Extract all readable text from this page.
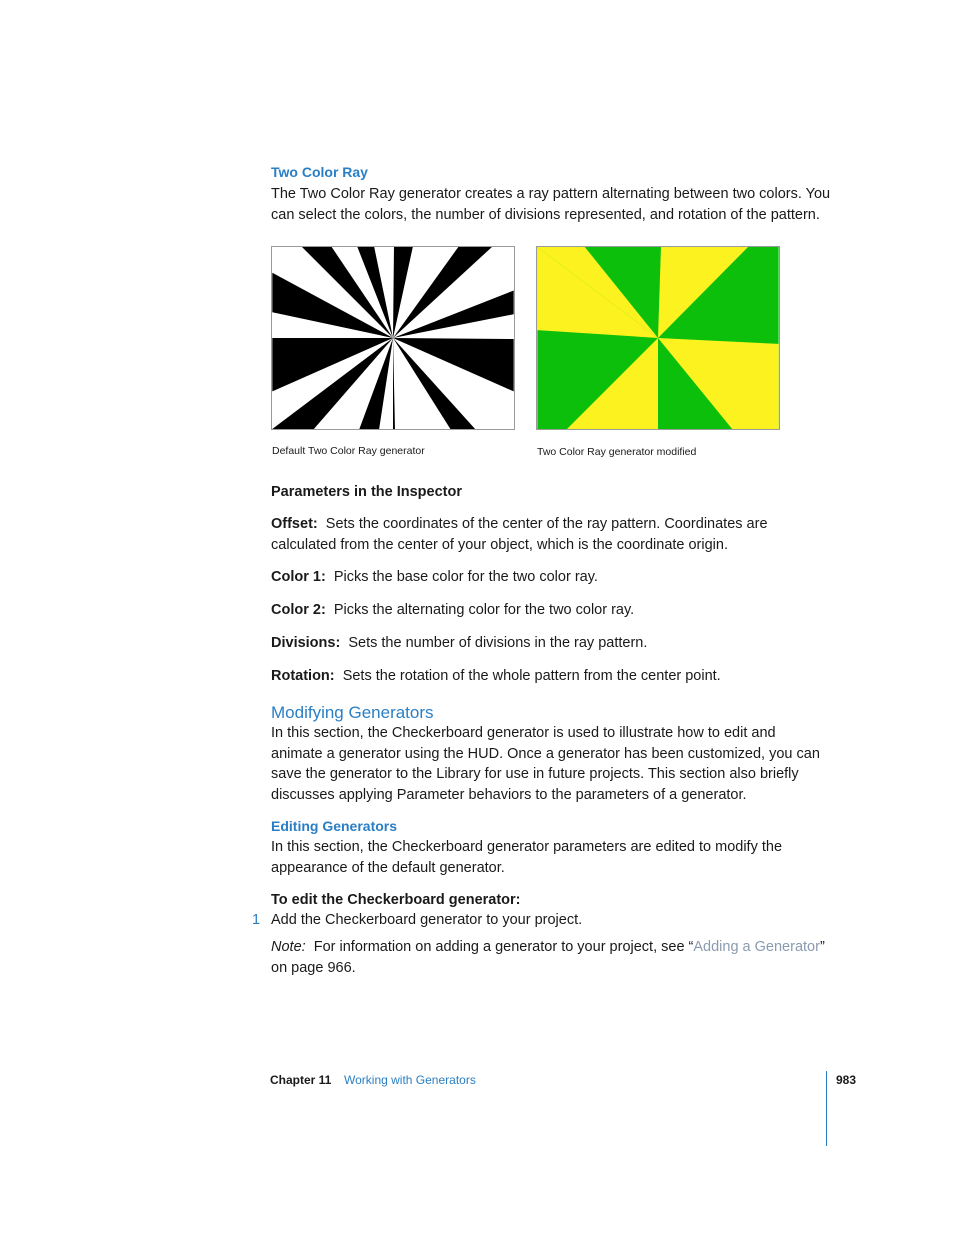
Two Color Ray
The Two Color Ray generator creates a ray pattern alternating between two colors. You can select the colors, the number of divisions represented, and rotation of the pattern.
Default Two Color Ray generator	Two Color Ray generator modified
Parameters in the Inspector
Offset: Sets the coordinates of the center of the ray pattern. Coordinates are calculated from the center of your object, which is the coordinate origin.
Color 1: Picks the base color for the two color ray.
Color 2: Picks the alternating color for the two color ray.
Divisions: Sets the number of divisions in the ray pattern.
Rotation: Sets the rotation of the whole pattern from the center point.
Modifying Generators
In this section, the Checkerboard generator is used to illustrate how to edit and animate a generator using the HUD. Once a generator has been customized, you can save the generator to the Library for use in future projects. This section also briefly discusses applying Parameter behaviors to the parameters of a generator.
Editing Generators
In this section, the Checkerboard generator parameters are edited to modify the appearance of the default generator.
To edit the Checkerboard generator:
1 Add the Checkerboard generator to your project.
Note: For information on adding a generator to your project, see “Adding a Generator” on page 966.
Chapter 11 Working with Generators	983
